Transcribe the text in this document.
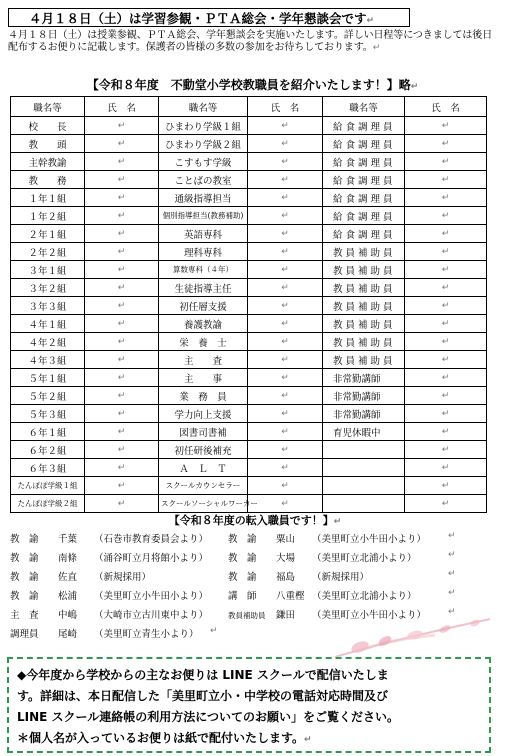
４月１８日（土）は学習参観・ＰＴＡ総会・学年懇談会です↵
４月１８日（土）は授業参観、ＰＴＡ総会、学年懇談会を実施いたします。詳しい日程等につきましては後日配布するお便りに記載します。保護者の皆様の多数の参加をお待ちしております。↵
【令和８年度　不動堂小学校教職員を紹介いたします！】略↵
職名等	氏　名	職名等	氏　名	職名等	氏　名
校　　長	↵	ひまわり学級１組	↵	給食調理員	↵
教　　頭	↵	ひまわり学級２組	↵	給食調理員	↵
主幹教諭	↵	こすもす学級	↵	給食調理員	↵
教　　務	↵	ことばの教室	↵	給食調理員	↵
１年１組	↵	通級指導担当	↵	給食調理員	↵
１年２組	↵	個別指導担当(教務補助)	↵	給食調理員	↵
２年１組	↵	英語専科	↵	給食調理員	↵
２年２組	↵	理科専科	↵	教員補助員	↵
３年１組	↵	算数専科（４年）	↵	教員補助員	↵
３年２組	↵	生徒指導主任	↵	教員補助員	↵
３年３組	↵	初任層支援	↵	教員補助員	↵
４年１組	↵	養護教諭	↵	教員補助員	↵
４年２組	↵	栄　養　士	↵	教員補助員	↵
４年３組	↵	主　　査	↵	教員補助員	↵
５年１組	↵	主　　事	↵	非常勤講師	↵
５年２組	↵	業　務　員	↵	非常勤講師	↵
５年３組	↵	学力向上支援	↵	非常勤講師	↵
６年１組	↵	図書司書補	↵	育児休暇中	↵
６年２組	↵	初任研後補充	↵		↵
６年３組	↵	Ａ　Ｌ　Ｔ	↵		↵
たんぽぽ学級１組	↵	スクールカウンセラー	↵		↵
たんぽぽ学級２組	↵	スクールソーシャルワーカー	↵		↵
【令和８年度の転入職員です！】↵
教　諭 千葉 （石巻市教育委員会より） 教　諭 粟山 （美里町立小牛田小より） ↵
教　諭 南條 （涌谷町立月将館小より） 教　諭 大場 （美里町立北浦小より）	↵
教　諭 佐直 （新規採用）	教　諭 福島 （新規採用）	↵
教　諭 松浦 （美里町立小牛田小より） 講　師 八重樫 （美里町立北浦小より）	↵
主　査 中嶋 （大崎市立古川東中より）	教員補助員 鎌田 （美里町立小牛田小より） ↵
調理員 尾崎 （美里町立青生小より） ↵

◆今年度から学校からの主なお便りは LINE スクールで配信いたしま

す。詳細は、本日配信した「美里町立小・中学校の電話対応時間及び

LINE スクール連絡帳の利用方法についてのお願い」をご覧ください。

＊個人名が入っているお便りは紙で配付いたします。↵
